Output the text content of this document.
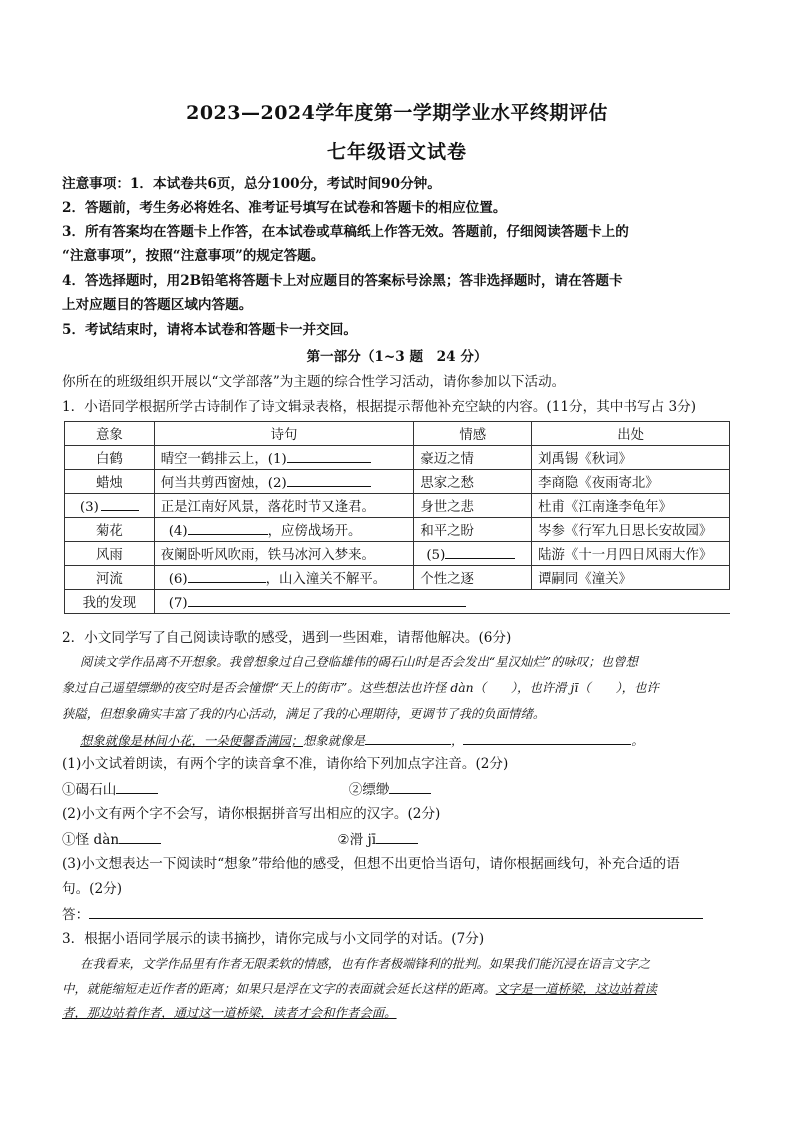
2023—2024学年度第一学期学业水平终期评估
七年级语文试卷
注意事项：1．本试卷共6页，总分100分，考试时间90分钟。
2．答题前，考生务必将姓名、准考证号填写在试卷和答题卡的相应位置。
3．所有答案均在答题卡上作答，在本试卷或草稿纸上作答无效。答题前，仔细阅读答题卡上的
“注意事项”，按照“注意事项”的规定答题。
4．答选择题时，用2B铅笔将答题卡上对应题目的答案标号涂黑；答非选择题时，请在答题卡
上对应题目的答题区域内答题。
5．考试结束时，请将本试卷和答题卡一并交回。
第一部分（1~3 题　24 分）
你所在的班级组织开展以“文学部落”为主题的综合性学习活动，请你参加以下活动。
1．小语同学根据所学古诗制作了诗文辑录表格，根据提示帮他补充空缺的内容。(11分，其中书写占 3分)
意象	诗句	情感	出处
白鹤	晴空一鹤排云上，(1)	豪迈之情	刘禹锡《秋词》
蜡烛	何当共剪西窗烛，(2)	思家之愁	李商隐《夜雨寄北》
(3)	正是江南好风景，落花时节又逢君。	身世之悲	杜甫《江南逢李龟年》
菊花	(4) ，应傍战场开。	和平之盼	岑参《行军九日思长安故园》
风雨	夜阑卧听风吹雨，铁马冰河入梦来。	(5)	陆游《十一月四日风雨大作》
河流	(6) ，山入潼关不解平。	个性之逐	谭嗣同《潼关》
我的发现	(7)		
2．小文同学写了自己阅读诗歌的感受，遇到一些困难，请帮他解决。(6分)
阅读文学作品离不开想象。我曾想象过自己登临雄伟的碣石山时是否会发出“星汉灿烂”的咏叹；也曾想
象过自己遥望缥缈的夜空时是否会憧憬“天上的街市”。这些想法也许怪 dàn（　　），也许滑 jī（　　），也许
狭隘，但想象确实丰富了我的内心活动，满足了我的心理期待，更调节了我的负面情绪。
想象就像是林间小花，一朵便馨香满园；想象就像是	，	。
(1)小文试着朗读，有两个字的读音拿不准，请你给下列加点字注音。(2分)
①碣石山	②缥缈
(2)小文有两个字不会写，请你根据拼音写出相应的汉字。(2分)
①怪 dàn	②滑 jī
(3)小文想表达一下阅读时“想象”带给他的感受，但想不出更恰当语句，请你根据画线句，补充合适的语
句。(2分)
答：
3．根据小语同学展示的读书摘抄，请你完成与小文同学的对话。(7分)
在我看来，文学作品里有作者无限柔软的情感，也有作者极端锋利的批判。如果我们能沉浸在语言文字之
中，就能缩短走近作者的距离；如果只是浮在文字的表面就会延长这样的距离。文字是一道桥梁，这边站着读
者，那边站着作者，通过这一道桥梁，读者才会和作者会面。
